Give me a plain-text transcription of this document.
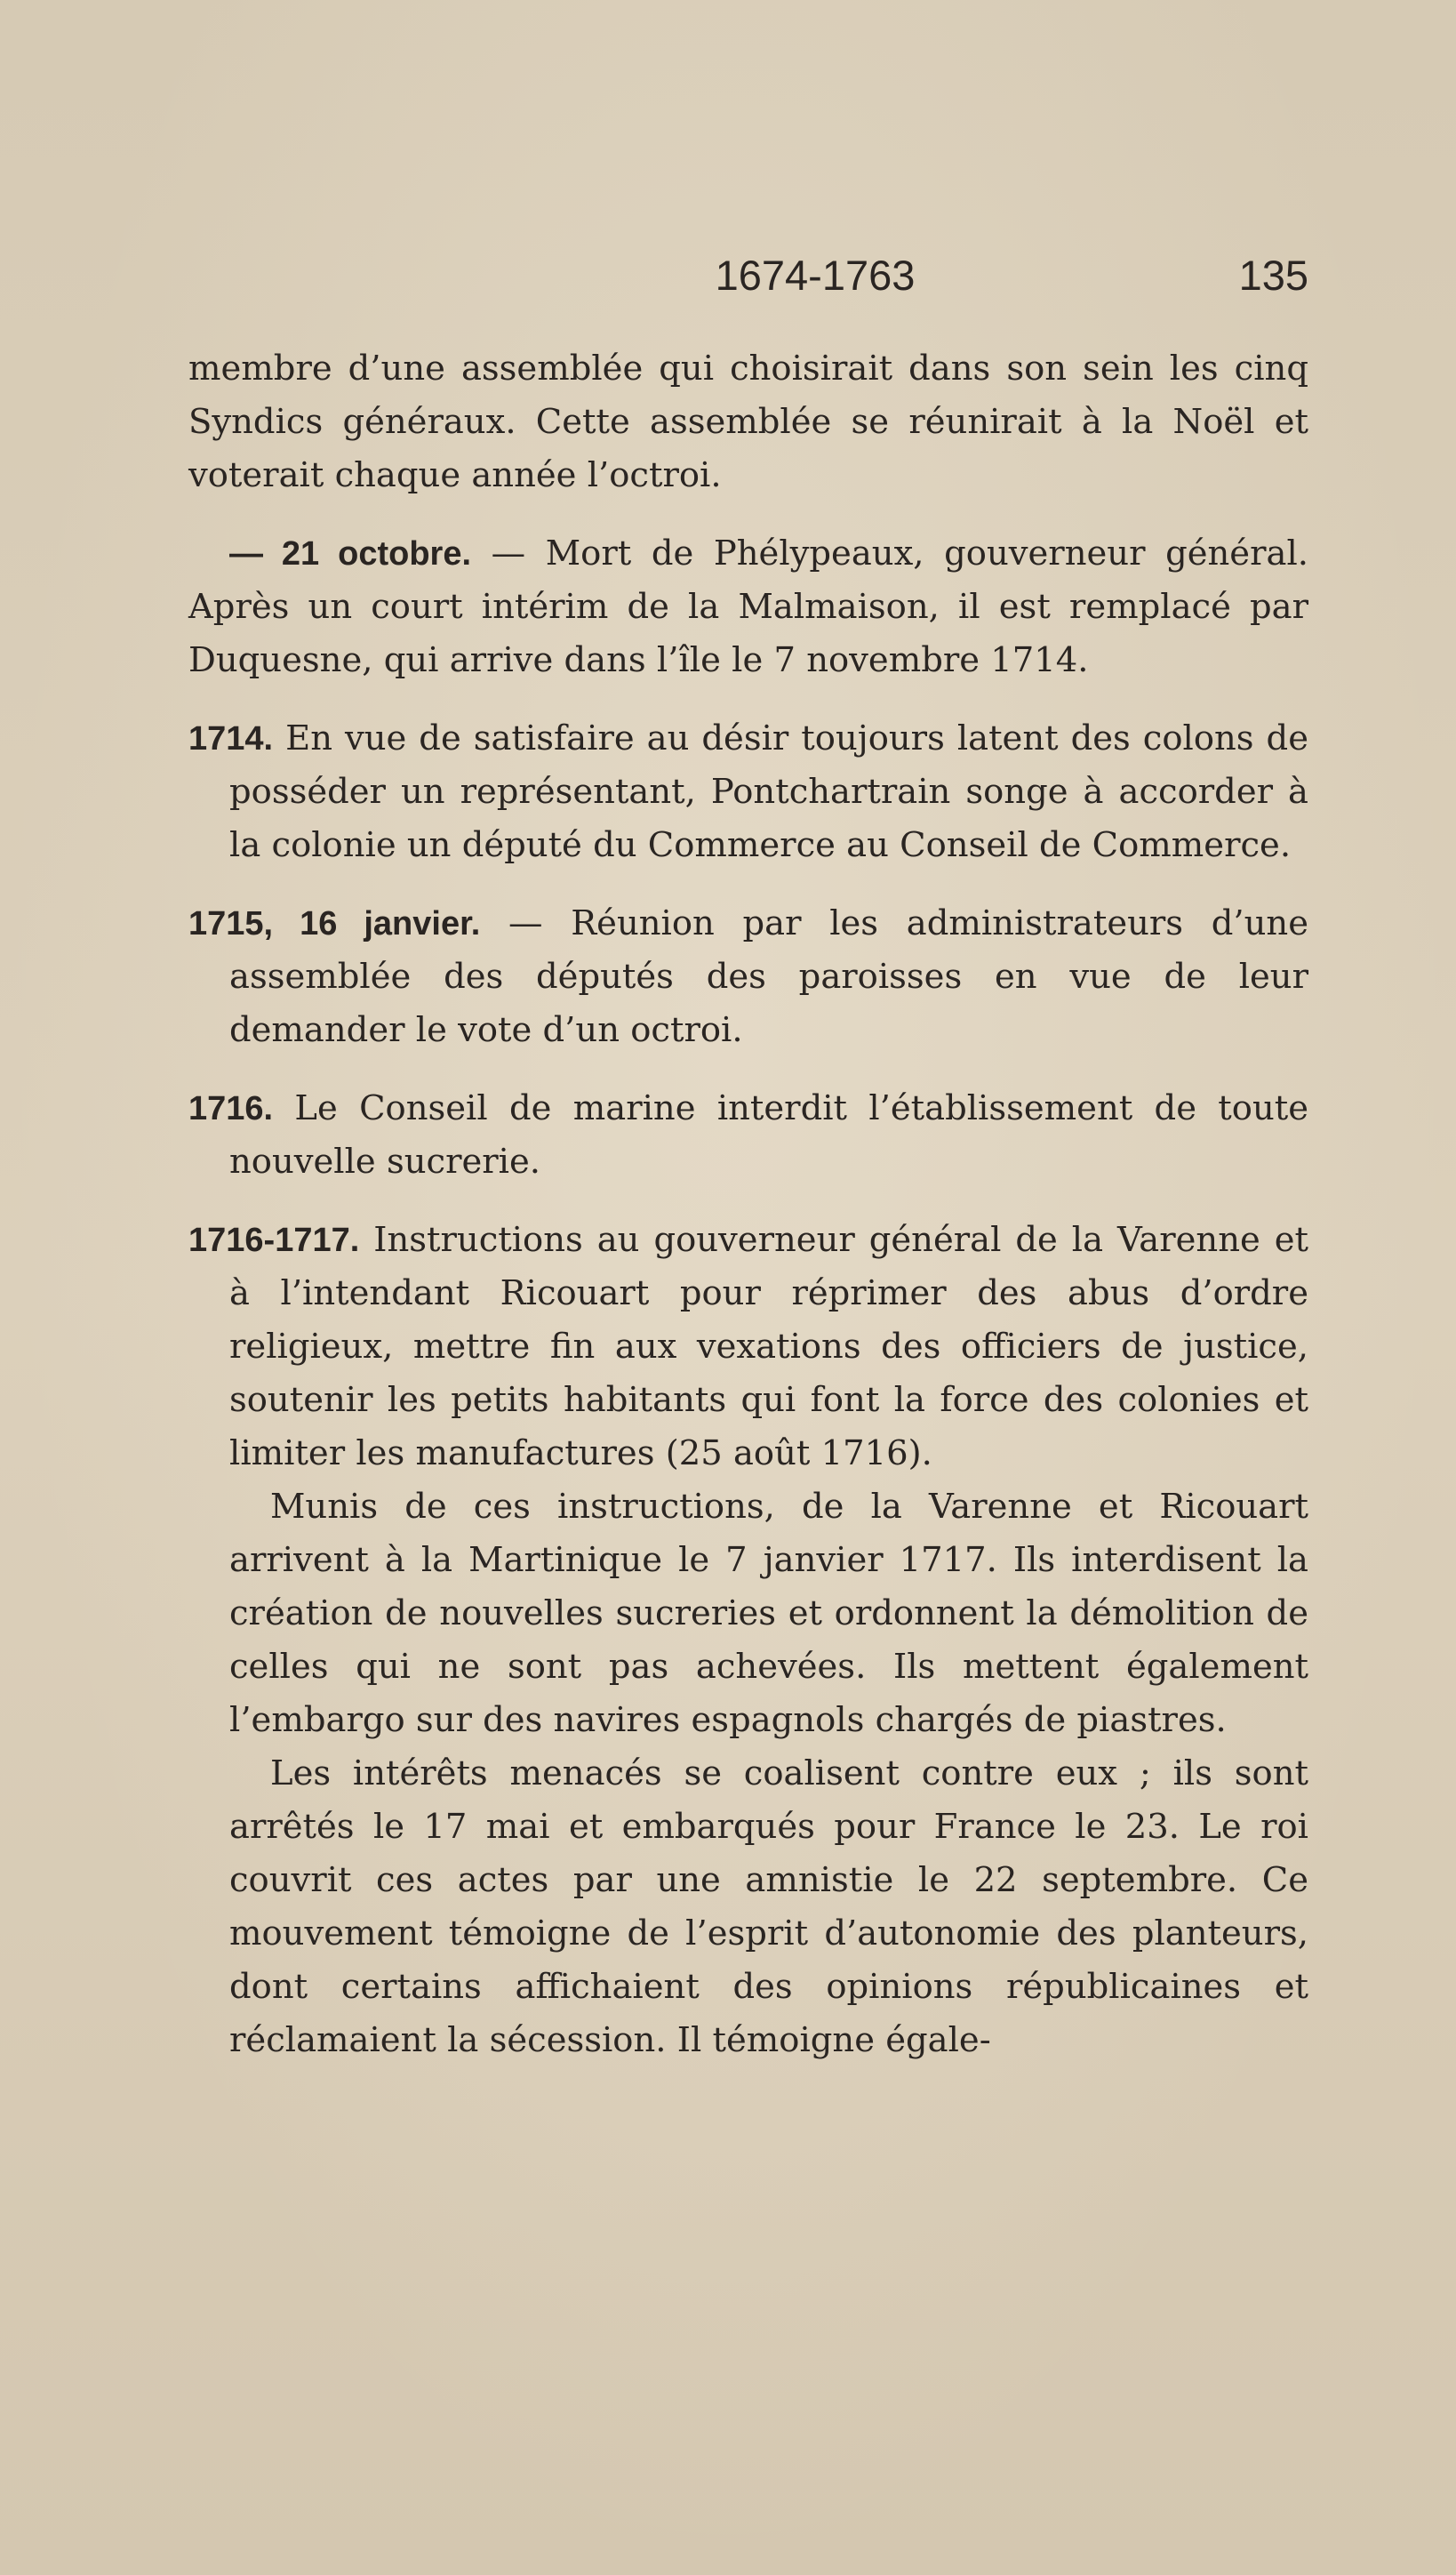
1674-1763	135

membre d’une assemblée qui choisirait dans son sein les cinq Syndics généraux. Cette assemblée se réunirait à la Noël et voterait chaque année l’octroi.

— 21 octobre. — Mort de Phélypeaux, gouverneur général. Après un court intérim de la Malmaison, il est remplacé par Duquesne, qui arrive dans l’île le 7 novembre 1714.

1714. En vue de satisfaire au désir toujours latent des colons de posséder un représentant, Pontchartrain songe à accorder à la colonie un député du Commerce au Conseil de Commerce.

1715, 16 janvier. — Réunion par les administrateurs d’une assemblée des députés des paroisses en vue de leur demander le vote d’un octroi.

1716. Le Conseil de marine interdit l’établissement de toute nouvelle sucrerie.

1716-1717. Instructions au gouverneur général de la Varenne et à l’intendant Ricouart pour réprimer des abus d’ordre religieux, mettre fin aux vexations des officiers de justice, soutenir les petits habitants qui font la force des colonies et limiter les manufactures (25 août 1716).

Munis de ces instructions, de la Varenne et Ricouart arrivent à la Martinique le 7 janvier 1717. Ils interdisent la création de nouvelles sucreries et ordonnent la démolition de celles qui ne sont pas achevées. Ils mettent également l’embargo sur des navires espagnols chargés de piastres.

Les intérêts menacés se coalisent contre eux ; ils sont arrêtés le 17 mai et embarqués pour France le 23. Le roi couvrit ces actes par une amnistie le 22 septembre. Ce mouvement témoigne de l’esprit d’autonomie des planteurs, dont certains affichaient des opinions républicaines et réclamaient la sécession. Il témoigne égale-
